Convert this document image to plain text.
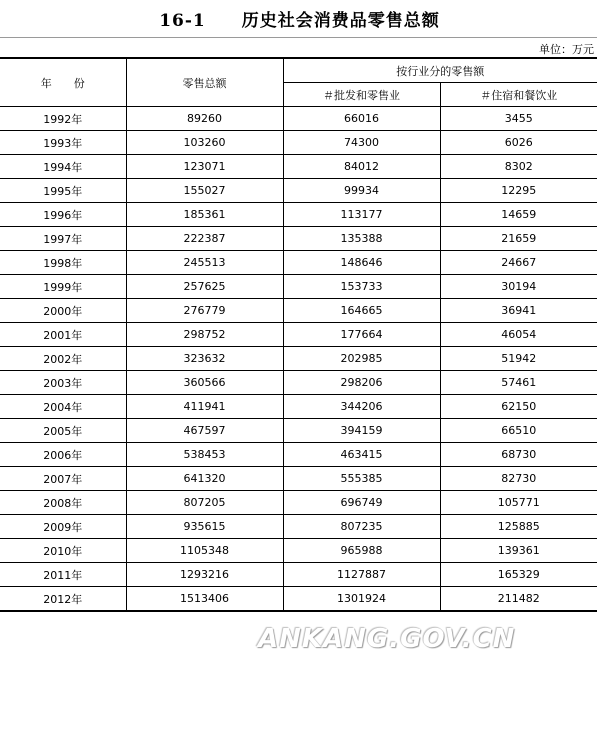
16-1　　历史社会消费品零售总额
单位：万元
年 份	零售总额	按行业分的零售额	
		＃批发和零售业	＃住宿和餐饮业
1992年	89260	66016	3455
1993年	103260	74300	6026
1994年	123071	84012	8302
1995年	155027	99934	12295
1996年	185361	113177	14659
1997年	222387	135388	21659
1998年	245513	148646	24667
1999年	257625	153733	30194
2000年	276779	164665	36941
2001年	298752	177664	46054
2002年	323632	202985	51942
2003年	360566	298206	57461
2004年	411941	344206	62150
2005年	467597	394159	66510
2006年	538453	463415	68730
2007年	641320	555385	82730
2008年	807205	696749	105771
2009年	935615	807235	125885
2010年	1105348	965988	139361
2011年	1293216	1127887	165329
2012年	1513406	1301924	211482
ANKANG.GOV.CN
